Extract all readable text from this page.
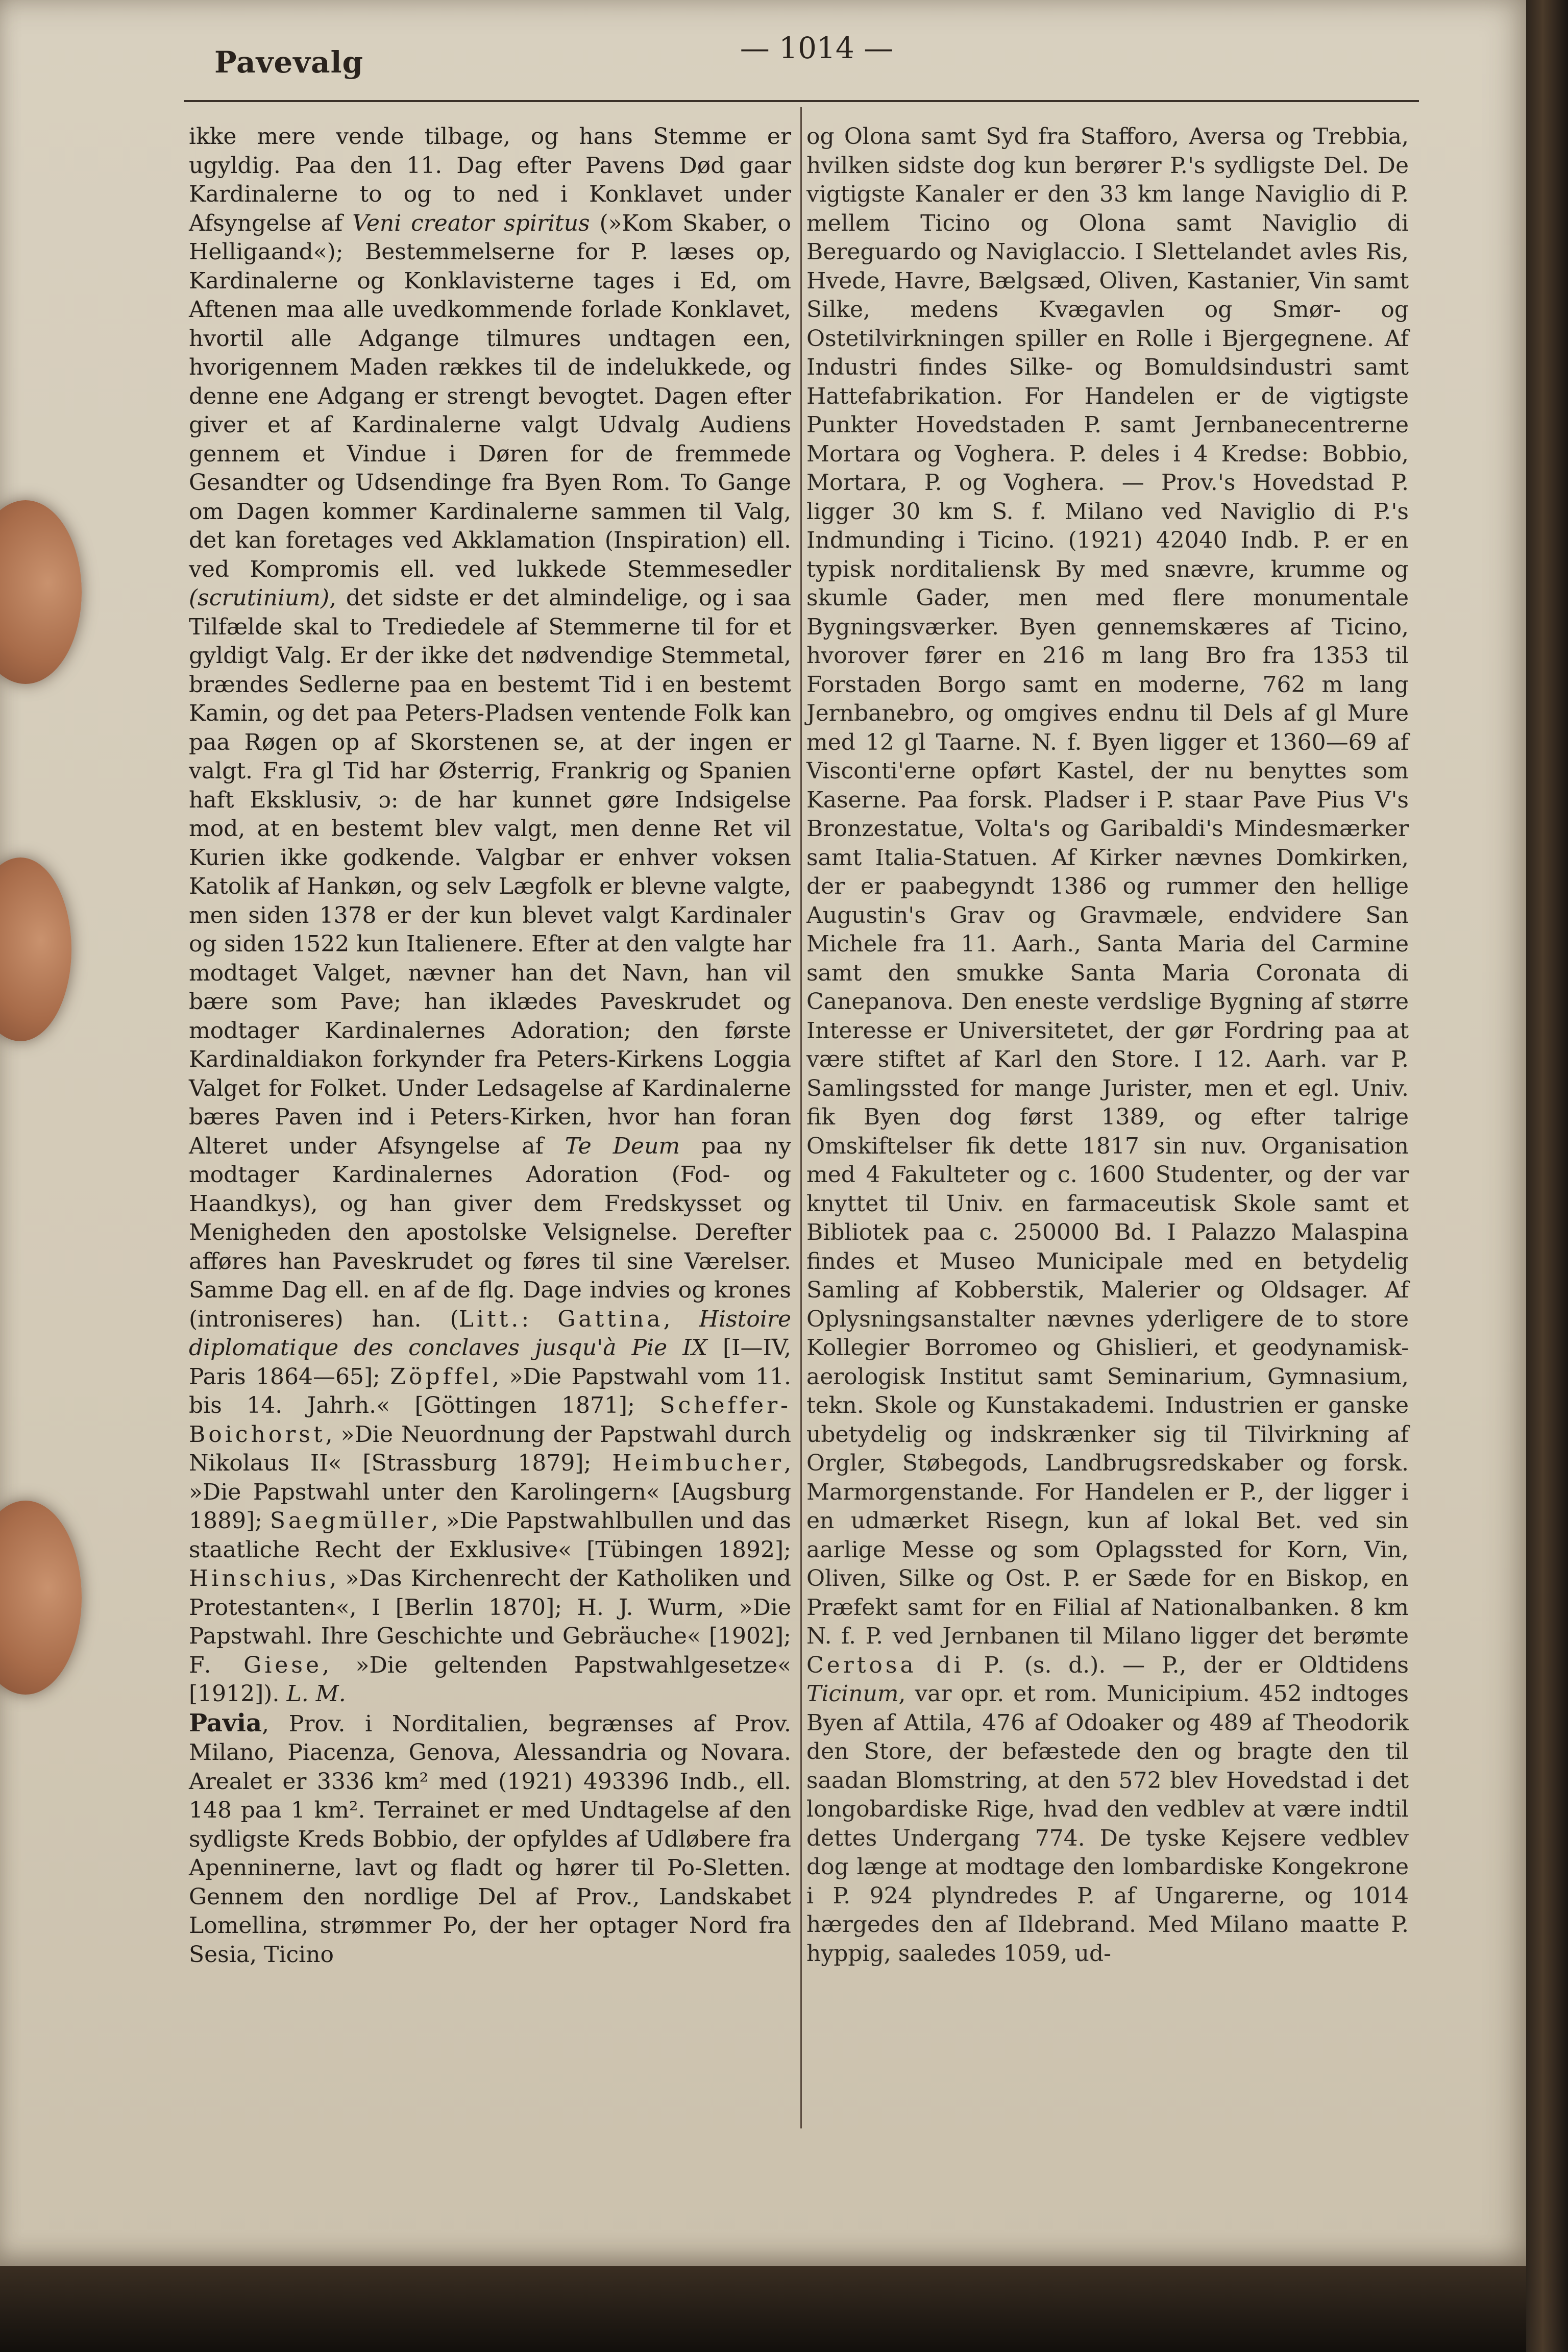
Pavevalg	— 1014 —

ikke mere vende tilbage, og hans Stemme er ugyldig. Paa den 11. Dag efter Pavens Død gaar Kardinalerne to og to ned i Konklavet under Afsyngelse af Veni creator spiritus (»Kom Skaber, o Helligaand«); Bestemmelserne for P. læses op, Kardinalerne og Konklavisterne tages i Ed, om Aftenen maa alle uvedkommende forlade Konklavet, hvortil alle Adgange tilmures undtagen een, hvorigennem Maden rækkes til de indelukkede, og denne ene Adgang er strengt bevogtet. Dagen efter giver et af Kardinalerne valgt Udvalg Audiens gennem et Vindue i Døren for de fremmede Gesandter og Udsendinge fra Byen Rom. To Gange om Dagen kommer Kardinalerne sammen til Valg, det kan foretages ved Akklamation (Inspiration) ell. ved Kompromis ell. ved lukkede Stemmesedler (scrutinium), det sidste er det almindelige, og i saa Tilfælde skal to Trediedele af Stemmerne til for et gyldigt Valg. Er der ikke det nødvendige Stemmetal, brændes Sedlerne paa en bestemt Tid i en bestemt Kamin, og det paa Peters-Pladsen ventende Folk kan paa Røgen op af Skorstenen se, at der ingen er valgt. Fra gl Tid har Østerrig, Frankrig og Spanien haft Eksklusiv, ɔ: de har kunnet gøre Indsigelse mod, at en bestemt blev valgt, men denne Ret vil Kurien ikke godkende. Valgbar er enhver voksen Katolik af Hankøn, og selv Lægfolk er blevne valgte, men siden 1378 er der kun blevet valgt Kardinaler og siden 1522 kun Italienere. Efter at den valgte har modtaget Valget, nævner han det Navn, han vil bære som Pave; han iklædes Paveskrudet og modtager Kardinalernes Adoration; den første Kardinaldiakon forkynder fra Peters-Kirkens Loggia Valget for Folket. Under Ledsagelse af Kardinalerne bæres Paven ind i Peters-Kirken, hvor han foran Alteret under Afsyngelse af Te Deum paa ny modtager Kardinalernes Adoration (Fod- og Haandkys), og han giver dem Fredskysset og Menigheden den apostolske Velsignelse. Derefter afføres han Paveskrudet og føres til sine Værelser. Samme Dag ell. en af de flg. Dage indvies og krones (introniseres) han. (Litt.: Gattina, Histoire diplomatique des conclaves jusqu'à Pie IX [I—IV, Paris 1864—65]; Zöpffel, »Die Papstwahl vom 11. bis 14. Jahrh.« [Göttingen 1871]; Scheffer-Boichorst, »Die Neuordnung der Papstwahl durch Nikolaus II« [Strassburg 1879]; Heimbucher, »Die Papstwahl unter den Karolingern« [Augsburg 1889]; Saegmüller, »Die Papstwahlbullen und das staatliche Recht der Exklusive« [Tübingen 1892]; Hinschius, »Das Kirchenrecht der Katholiken und Protestanten«, I [Berlin 1870]; H. J. Wurm, »Die Papstwahl. Ihre Geschichte und Gebräuche« [1902]; F. Giese, »Die geltenden Papstwahlgesetze« [1912]). L. M.

Pavia, Prov. i Norditalien, begrænses af Prov. Milano, Piacenza, Genova, Alessandria og Novara. Arealet er 3336 km² med (1921) 493396 Indb., ell. 148 paa 1 km². Terrainet er med Undtagelse af den sydligste Kreds Bobbio, der opfyldes af Udløbere fra Apenninerne, lavt og fladt og hører til Po-Sletten. Gennem den nordlige Del af Prov., Landskabet Lomellina, strømmer Po, der her optager Nord fra Sesia, Ticino

og Olona samt Syd fra Stafforo, Aversa og Trebbia, hvilken sidste dog kun berører P.'s sydligste Del. De vigtigste Kanaler er den 33 km lange Naviglio di P. mellem Ticino og Olona samt Naviglio di Bereguardo og Naviglaccio. I Slettelandet avles Ris, Hvede, Havre, Bælgsæd, Oliven, Kastanier, Vin samt Silke, medens Kvægavlen og Smør- og Ostetilvirkningen spiller en Rolle i Bjergegnene. Af Industri findes Silke- og Bomuldsindustri samt Hattefabrikation. For Handelen er de vigtigste Punkter Hovedstaden P. samt Jernbanecentrerne Mortara og Voghera. P. deles i 4 Kredse: Bobbio, Mortara, P. og Voghera. — Prov.'s Hovedstad P. ligger 30 km S. f. Milano ved Naviglio di P.'s Indmunding i Ticino. (1921) 42040 Indb. P. er en typisk norditaliensk By med snævre, krumme og skumle Gader, men med flere monumentale Bygningsværker. Byen gennemskæres af Ticino, hvorover fører en 216 m lang Bro fra 1353 til Forstaden Borgo samt en moderne, 762 m lang Jernbanebro, og omgives endnu til Dels af gl Mure med 12 gl Taarne. N. f. Byen ligger et 1360—69 af Visconti'erne opført Kastel, der nu benyttes som Kaserne. Paa forsk. Pladser i P. staar Pave Pius V's Bronzestatue, Volta's og Garibaldi's Mindesmærker samt Italia-Statuen. Af Kirker nævnes Domkirken, der er paabegyndt 1386 og rummer den hellige Augustin's Grav og Gravmæle, endvidere San Michele fra 11. Aarh., Santa Maria del Carmine samt den smukke Santa Maria Coronata di Canepanova. Den eneste verdslige Bygning af større Interesse er Universitetet, der gør Fordring paa at være stiftet af Karl den Store. I 12. Aarh. var P. Samlingssted for mange Jurister, men et egl. Univ. fik Byen dog først 1389, og efter talrige Omskiftelser fik dette 1817 sin nuv. Organisation med 4 Fakulteter og c. 1600 Studenter, og der var knyttet til Univ. en farmaceutisk Skole samt et Bibliotek paa c. 250000 Bd. I Palazzo Malaspina findes et Museo Municipale med en betydelig Samling af Kobberstik, Malerier og Oldsager. Af Oplysningsanstalter nævnes yderligere de to store Kollegier Borromeo og Ghislieri, et geodynamisk-aerologisk Institut samt Seminarium, Gymnasium, tekn. Skole og Kunstakademi. Industrien er ganske ubetydelig og indskrænker sig til Tilvirkning af Orgler, Støbegods, Landbrugsredskaber og forsk. Marmorgenstande. For Handelen er P., der ligger i en udmærket Risegn, kun af lokal Bet. ved sin aarlige Messe og som Oplagssted for Korn, Vin, Oliven, Silke og Ost. P. er Sæde for en Biskop, en Præfekt samt for en Filial af Nationalbanken. 8 km N. f. P. ved Jernbanen til Milano ligger det berømte Certosa di P. (s. d.). — P., der er Oldtidens Ticinum, var opr. et rom. Municipium. 452 indtoges Byen af Attila, 476 af Odoaker og 489 af Theodorik den Store, der befæstede den og bragte den til saadan Blomstring, at den 572 blev Hovedstad i det longobardiske Rige, hvad den vedblev at være indtil dettes Undergang 774. De tyske Kejsere vedblev dog længe at modtage den lombardiske Kongekrone i P. 924 plyndredes P. af Ungarerne, og 1014 hærgedes den af Ildebrand. Med Milano maatte P. hyppig, saaledes 1059, ud-
